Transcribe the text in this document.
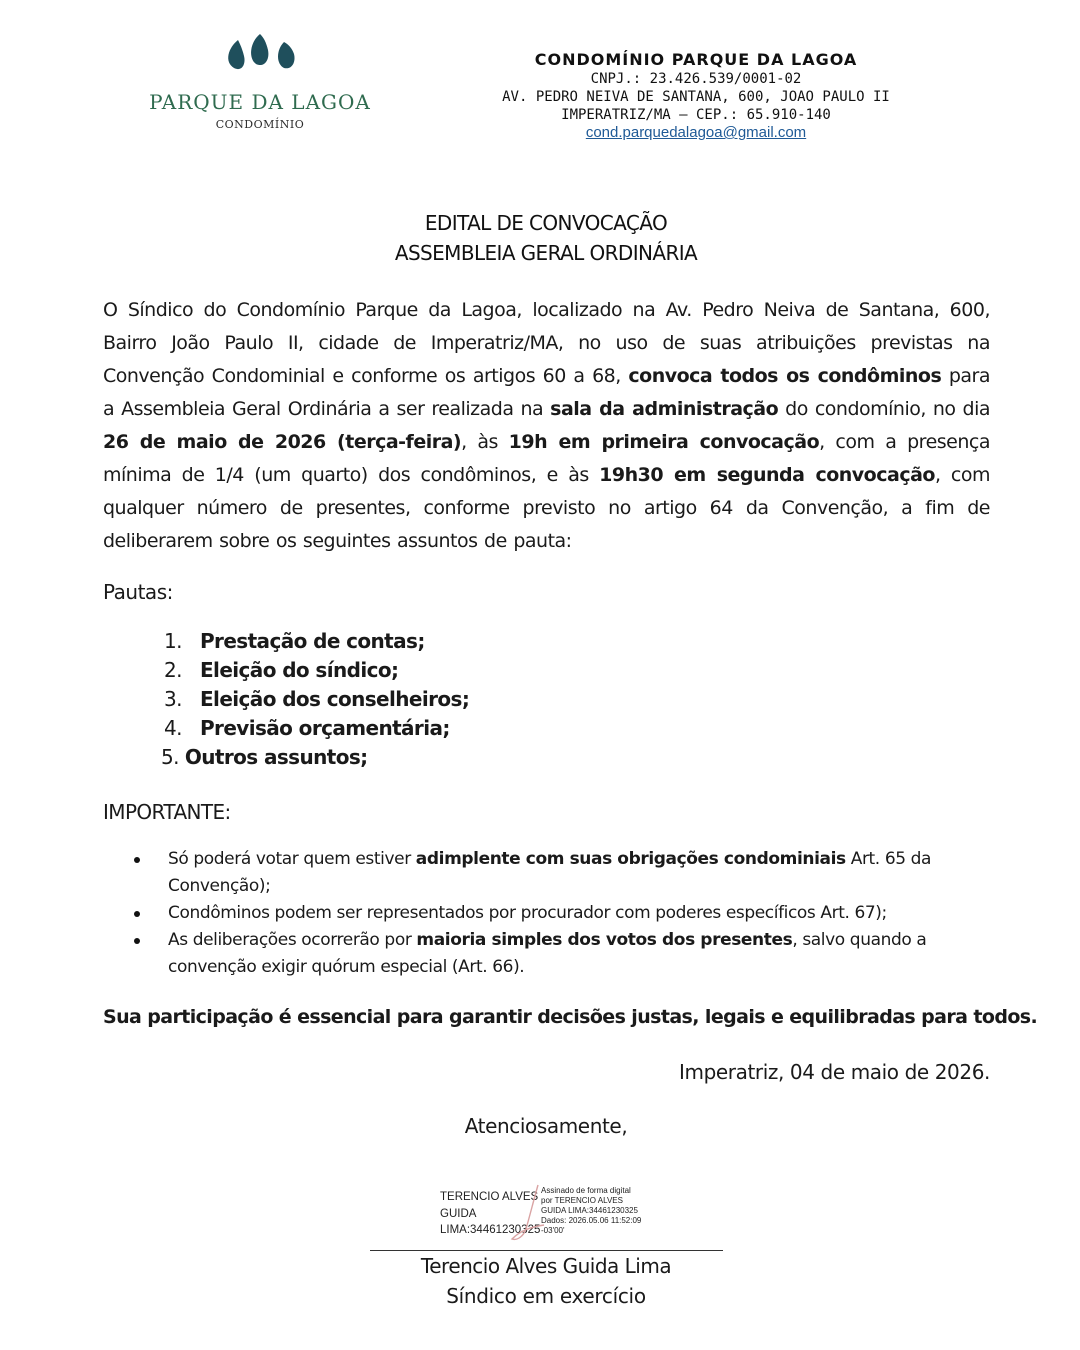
PARQUE DA LAGOA
CONDOMÍNIO
CONDOMÍNIO PARQUE DA LAGOA
CNPJ.: 23.426.539/0001-02
AV. PEDRO NEIVA DE SANTANA, 600, JOAO PAULO II
IMPERATRIZ/MA – CEP.: 65.910-140
cond.parquedalagoa@gmail.com
EDITAL DE CONVOCAÇÃO
ASSEMBLEIA GERAL ORDINÁRIA
O Síndico do Condomínio Parque da Lagoa, localizado na Av. Pedro Neiva de Santana, 600, Bairro João Paulo II, cidade de Imperatriz/MA, no uso de suas atribuições previstas na Convenção Condominial e conforme os artigos 60 a 68, convoca todos os condôminos para a Assembleia Geral Ordinária a ser realizada na sala da administração do condomínio, no dia 26 de maio de 2026 (terça-feira), às 19h em primeira convocação, com a presença mínima de 1/4 (um quarto) dos condôminos, e às 19h30 em segunda convocação, com qualquer número de presentes, conforme previsto no artigo 64 da Convenção, a fim de deliberarem sobre os seguintes assuntos de pauta:
Pautas:
1. Prestação de contas;
2. Eleição do síndico;
3. Eleição dos conselheiros;
4. Previsão orçamentária;
5. Outros assuntos;
IMPORTANTE:
Só poderá votar quem estiver adimplente com suas obrigações condominiais Art. 65 da Convenção);
Condôminos podem ser representados por procurador com poderes específicos Art. 67);
As deliberações ocorrerão por maioria simples dos votos dos presentes, salvo quando a convenção exigir quórum especial (Art. 66).
Sua participação é essencial para garantir decisões justas, legais e equilibradas para todos.
Imperatriz, 04 de maio de 2026.
Atenciosamente,
TERENCIO ALVES
GUIDA
LIMA:34461230325
Assinado de forma digital
por TERENCIO ALVES
GUIDA LIMA:34461230325
Dados: 2026.05.06 11:52:09
-03'00'
Terencio Alves Guida Lima
Síndico em exercício
